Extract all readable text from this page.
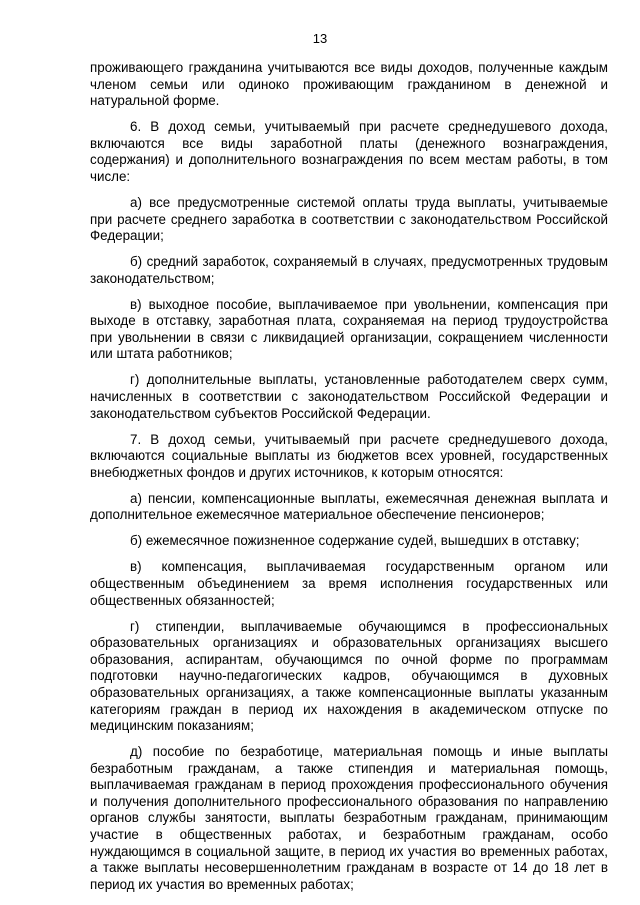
13

проживающего гражданина учитываются все виды доходов, полученные каждым членом семьи или одиноко проживающим гражданином в денежной и натуральной форме.

6. В доход семьи, учитываемый при расчете среднедушевого дохода, включаются все виды заработной платы (денежного вознаграждения, содержания) и дополнительного вознаграждения по всем местам работы, в том числе:

а) все предусмотренные системой оплаты труда выплаты, учитываемые при расчете среднего заработка в соответствии с законодательством Российской Федерации;

б) средний заработок, сохраняемый в случаях, предусмотренных трудовым законодательством;

в) выходное пособие, выплачиваемое при увольнении, компенсация при выходе в отставку, заработная плата, сохраняемая на период трудоустройства при увольнении в связи с ликвидацией организации, сокращением численности или штата работников;

г) дополнительные выплаты, установленные работодателем сверх сумм, начисленных в соответствии с законодательством Российской Федерации и законодательством субъектов Российской Федерации.

7. В доход семьи, учитываемый при расчете среднедушевого дохода, включаются социальные выплаты из бюджетов всех уровней, государственных внебюджетных фондов и других источников, к которым относятся:

а) пенсии, компенсационные выплаты, ежемесячная денежная выплата и дополнительное ежемесячное материальное обеспечение пенсионеров;

б) ежемесячное пожизненное содержание судей, вышедших в отставку;

в) компенсация, выплачиваемая государственным органом или общественным объединением за время исполнения государственных или общественных обязанностей;

г) стипендии, выплачиваемые обучающимся в профессиональных образовательных организациях и образовательных организациях высшего образования, аспирантам, обучающимся по очной форме по программам подготовки научно-педагогических кадров, обучающимся в духовных образовательных организациях, а также компенсационные выплаты указанным категориям граждан в период их нахождения в академическом отпуске по медицинским показаниям;

д) пособие по безработице, материальная помощь и иные выплаты безработным гражданам, а также стипендия и материальная помощь, выплачиваемая гражданам в период прохождения профессионального обучения и получения дополнительного профессионального образования по направлению органов службы занятости, выплаты безработным гражданам, принимающим участие в общественных работах, и безработным гражданам, особо нуждающимся в социальной защите, в период их участия во временных работах, а также выплаты несовершеннолетним гражданам в возрасте от 14 до 18 лет в период их участия во временных работах;
